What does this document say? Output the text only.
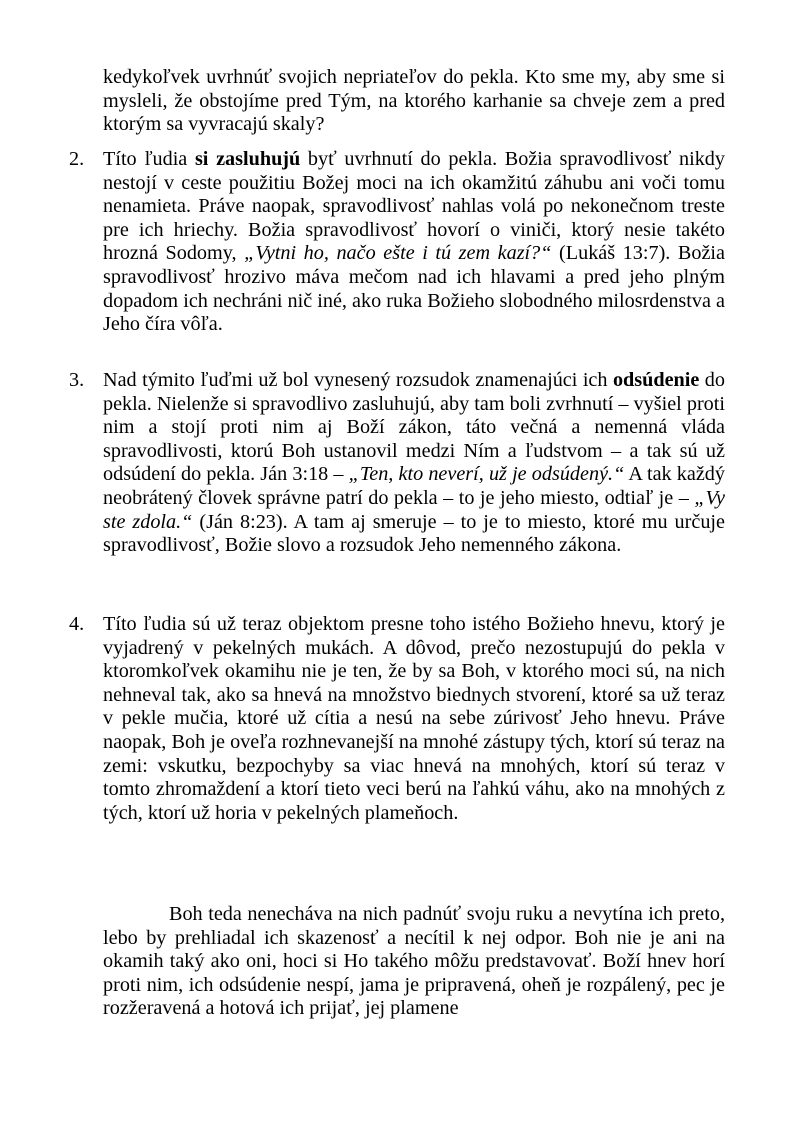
kedykoľvek uvrhnúť svojich nepriateľov do pekla. Kto sme my, aby sme si mysleli, že obstojíme pred Tým, na ktorého karhanie sa chveje zem a pred ktorým sa vyvracajú skaly?

2. Títo ľudia si zasluhujú byť uvrhnutí do pekla. Božia spravodlivosť nikdy nestojí v ceste použitiu Božej moci na ich okamžitú záhubu ani voči tomu nenamieta. Práve naopak, spravodlivosť nahlas volá po nekonečnom treste pre ich hriechy. Božia spravodlivosť hovorí o viniči, ktorý nesie takéto hrozná Sodomy, „Vytni ho, načo ešte i tú zem kazí?“ (Lukáš 13:7). Božia spravodlivosť hrozivo máva mečom nad ich hlavami a pred jeho plným dopadom ich nechráni nič iné, ako ruka Božieho slobodného milosrdenstva a Jeho číra vôľa.

3. Nad týmito ľuďmi už bol vynesený rozsudok znamenajúci ich odsúdenie do pekla. Nielenže si spravodlivo zasluhujú, aby tam boli zvrhnutí – vyšiel proti nim a stojí proti nim aj Boží zákon, táto večná a nemenná vláda spravodlivosti, ktorú Boh ustanovil medzi Ním a ľudstvom – a tak sú už odsúdení do pekla. Ján 3:18 – „Ten, kto neverí, už je odsúdený.“ A tak každý neobrátený človek správne patrí do pekla – to je jeho miesto, odtiaľ je – „Vy ste zdola.“ (Ján 8:23). A tam aj smeruje – to je to miesto, ktoré mu určuje spravodlivosť, Božie slovo a rozsudok Jeho nemenného zákona.

4. Títo ľudia sú už teraz objektom presne toho istého Božieho hnevu, ktorý je vyjadrený v pekelných mukách. A dôvod, prečo nezostupujú do pekla v ktoromkoľvek okamihu nie je ten, že by sa Boh, v ktorého moci sú, na nich nehneval tak, ako sa hnevá na množstvo biednych stvorení, ktoré sa už teraz v pekle mučia, ktoré už cítia a nesú na sebe zúrivosť Jeho hnevu. Práve naopak, Boh je oveľa rozhnevanejší na mnohé zástupy tých, ktorí sú teraz na zemi: vskutku, bezpochyby sa viac hnevá na mnohých, ktorí sú teraz v tomto zhromaždení a ktorí tieto veci berú na ľahkú váhu, ako na mnohých z tých, ktorí už horia v pekelných plameňoch.

Boh teda nenecháva na nich padnúť svoju ruku a nevytína ich preto, lebo by prehliadal ich skazenosť a necítil k nej odpor. Boh nie je ani na okamih taký ako oni, hoci si Ho takého môžu predstavovať. Boží hnev horí proti nim, ich odsúdenie nespí, jama je pripravená, oheň je rozpálený, pec je rozžeravená a hotová ich prijať, jej plamene
